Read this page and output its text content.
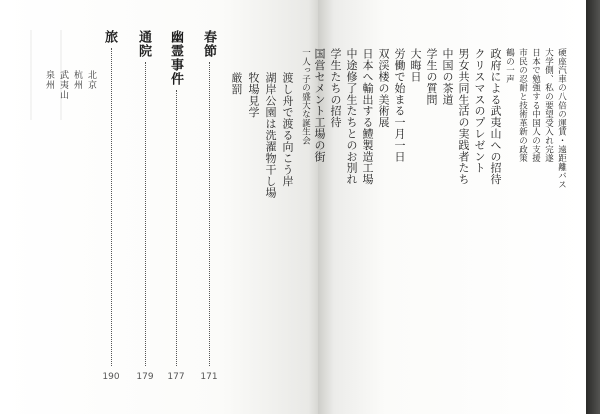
春節
171
渡し舟で渡る向こう岸
湖岸公園は洗濯物干し場
牧場見学
厳罰
幽霊事件
177
通院
179
旅
190
北京
杭州
武夷山
泉州	硬座汽車の八倍の運賃・遠距離バス
大学側、私の要望受入れ完遂
日本で勉強する中国人の支援
市民の忍耐と技術革新の政策
鶴の一声
政府による武夷山への招待
クリスマスのプレゼント
男女共同生活の実践者たち
中国の茶道
学生の質問
大晦日
労働で始まる一月一日
双渓楼の美術展
日本へ輸出する鱧製造工場
中途修了生たちとのお別れ
学生たちの招待
国営セメント工場の街
一人っ子の盛大な誕生会
